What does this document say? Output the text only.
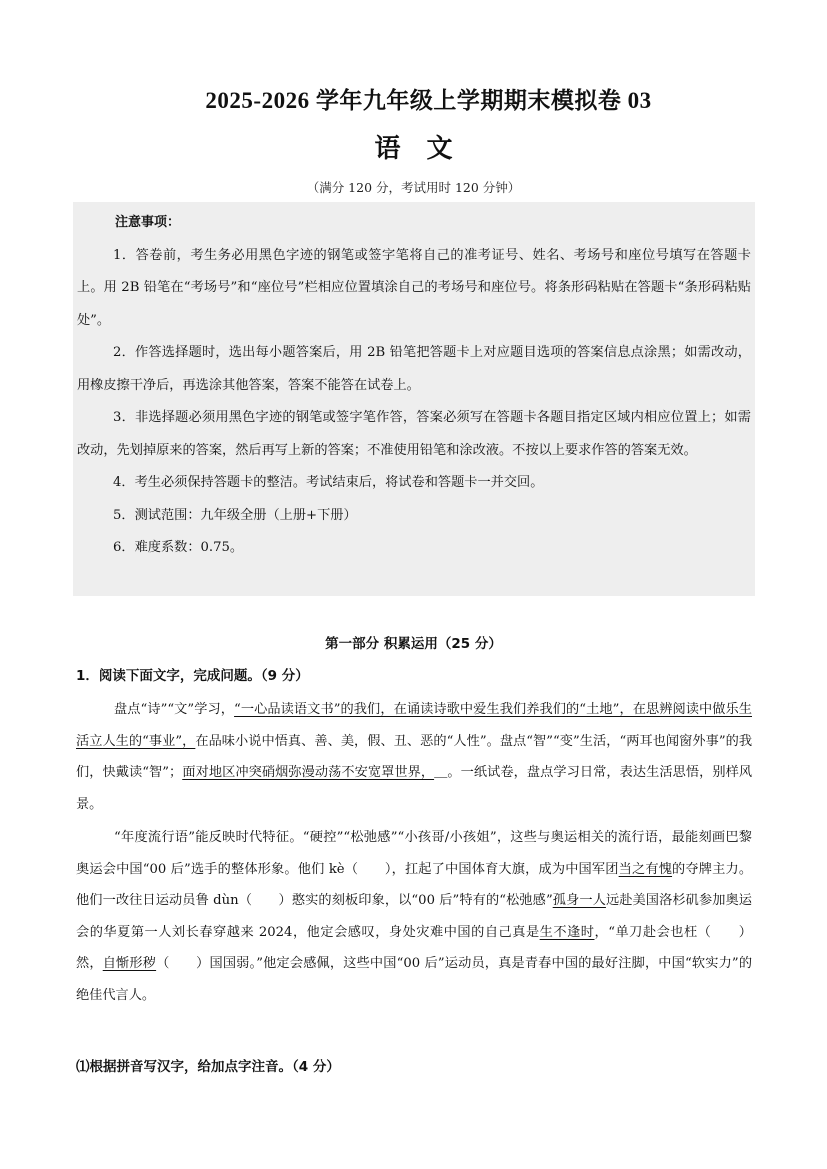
2025-2026 学年九年级上学期期末模拟卷 03
语文
（满分 120 分，考试用时 120 分钟）
注意事项：

1．答卷前，考生务必用黑色字迹的钢笔或签字笔将自己的准考证号、姓名、考场号和座位号填写在答题卡上。用 2B 铅笔在“考场号”和“座位号”栏相应位置填涂自己的考场号和座位号。将条形码粘贴在答题卡“条形码粘贴处”。

2．作答选择题时，选出每小题答案后，用 2B 铅笔把答题卡上对应题目选项的答案信息点涂黑；如需改动，用橡皮擦干净后，再选涂其他答案，答案不能答在试卷上。

3．非选择题必须用黑色字迹的钢笔或签字笔作答，答案必须写在答题卡各题目指定区域内相应位置上；如需改动，先划掉原来的答案，然后再写上新的答案；不准使用铅笔和涂改液。不按以上要求作答的答案无效。

4．考生必须保持答题卡的整洁。考试结束后，将试卷和答题卡一并交回。

5．测试范围：九年级全册（上册+下册）

6．难度系数：0.75。

第一部分 积累运用（25 分）
1．阅读下面文字，完成问题。（9 分）

盘点“诗”“文”学习，“一心品读语文书”的我们，在诵读诗歌中爱生我们养我们的“土地”，在思辨阅读中做乐生活立人生的“事业”，在品味小说中悟真、善、美，假、丑、恶的“人性”。盘点“智”“变”生活，“两耳也闻窗外事”的我们，快戴读“智”；面对地区冲突硝烟弥漫动荡不安宽罩世界，＿。一纸试卷，盘点学习日常，表达生活思悟，别样风景。

“年度流行语”能反映时代特征。“硬控”“松弛感”“小孩哥/小孩姐”，这些与奥运相关的流行语，最能刻画巴黎奥运会中国“00 后”选手的整体形象。他们 kè（　　），扛起了中国体育大旗，成为中国军团当之有愧的夺牌主力。他们一改往日运动员鲁 dùn（　　）憨实的刻板印象，以“00 后”特有的“松弛感”孤身一人远赴美国洛杉矶参加奥运会的华夏第一人刘长春穿越来 2024，他定会感叹，身处灾难中国的自己真是生不逢时，“单刀赴会也枉（　　）然，自惭形秽（　　）国国弱。”他定会感佩，这些中国“00 后”运动员，真是青春中国的最好注脚，中国“软实力”的绝佳代言人。

⑴根据拼音写汉字，给加点字注音。（4 分）
